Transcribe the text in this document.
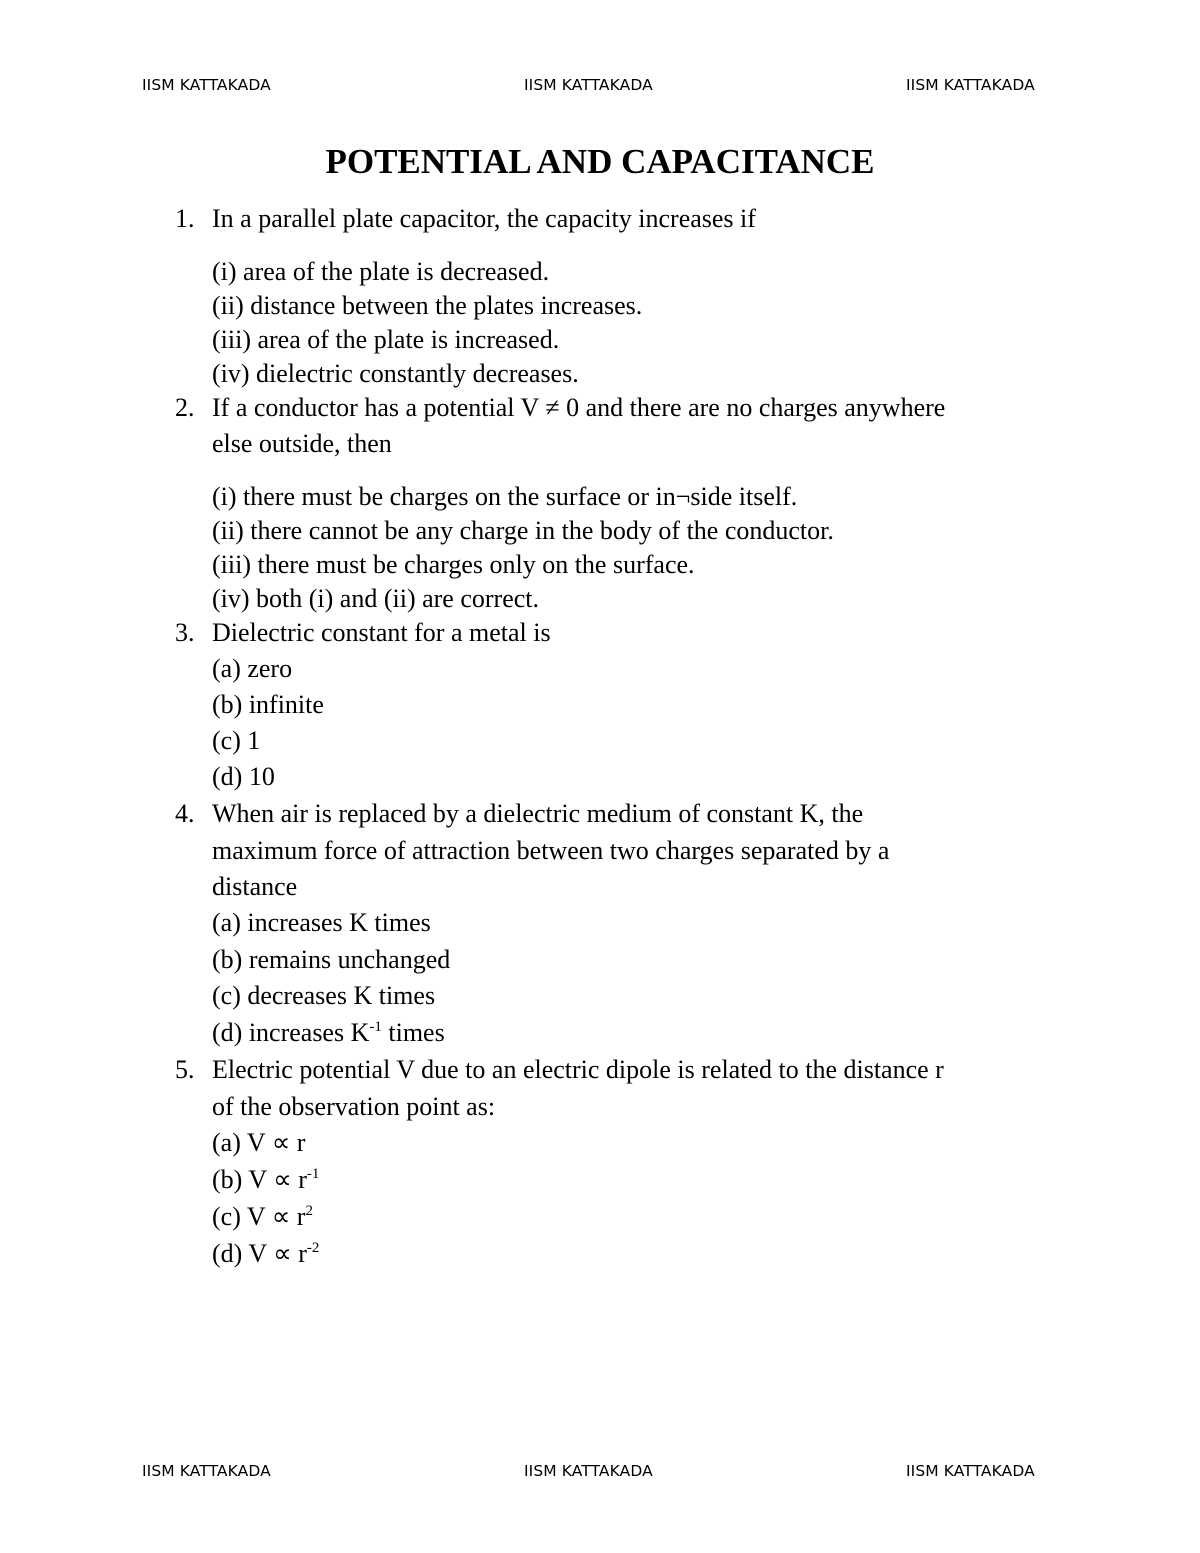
IISM KATTAKADA	IISM KATTAKADA	IISM KATTAKADA
POTENTIAL AND CAPACITANCE
1. In a parallel plate capacitor, the capacity increases if
(i) area of the plate is decreased.
(ii) distance between the plates increases.
(iii) area of the plate is increased.
(iv) dielectric constantly decreases.
2. If a conductor has a potential V ≠ 0 and there are no charges anywhere
else outside, then
(i) there must be charges on the surface or in¬side itself.
(ii) there cannot be any charge in the body of the conductor.
(iii) there must be charges only on the surface.
(iv) both (i) and (ii) are correct.
3. Dielectric constant for a metal is
(a) zero
(b) infinite
(c) 1
(d) 10
4. When air is replaced by a dielectric medium of constant K, the
maximum force of attraction between two charges separated by a
distance
(a) increases K times
(b) remains unchanged
(c) decreases K times
(d) increases $K^{-1}$ times
5. Electric potential V due to an electric dipole is related to the distance r
of the observation point as:
(a) V ∝ r
(b) $V \propto r^{-1}$
(c) $V \propto r^2$
(d) $V \propto r^{-2}$
IISM KATTAKADA	IISM KATTAKADA	IISM KATTAKADA
